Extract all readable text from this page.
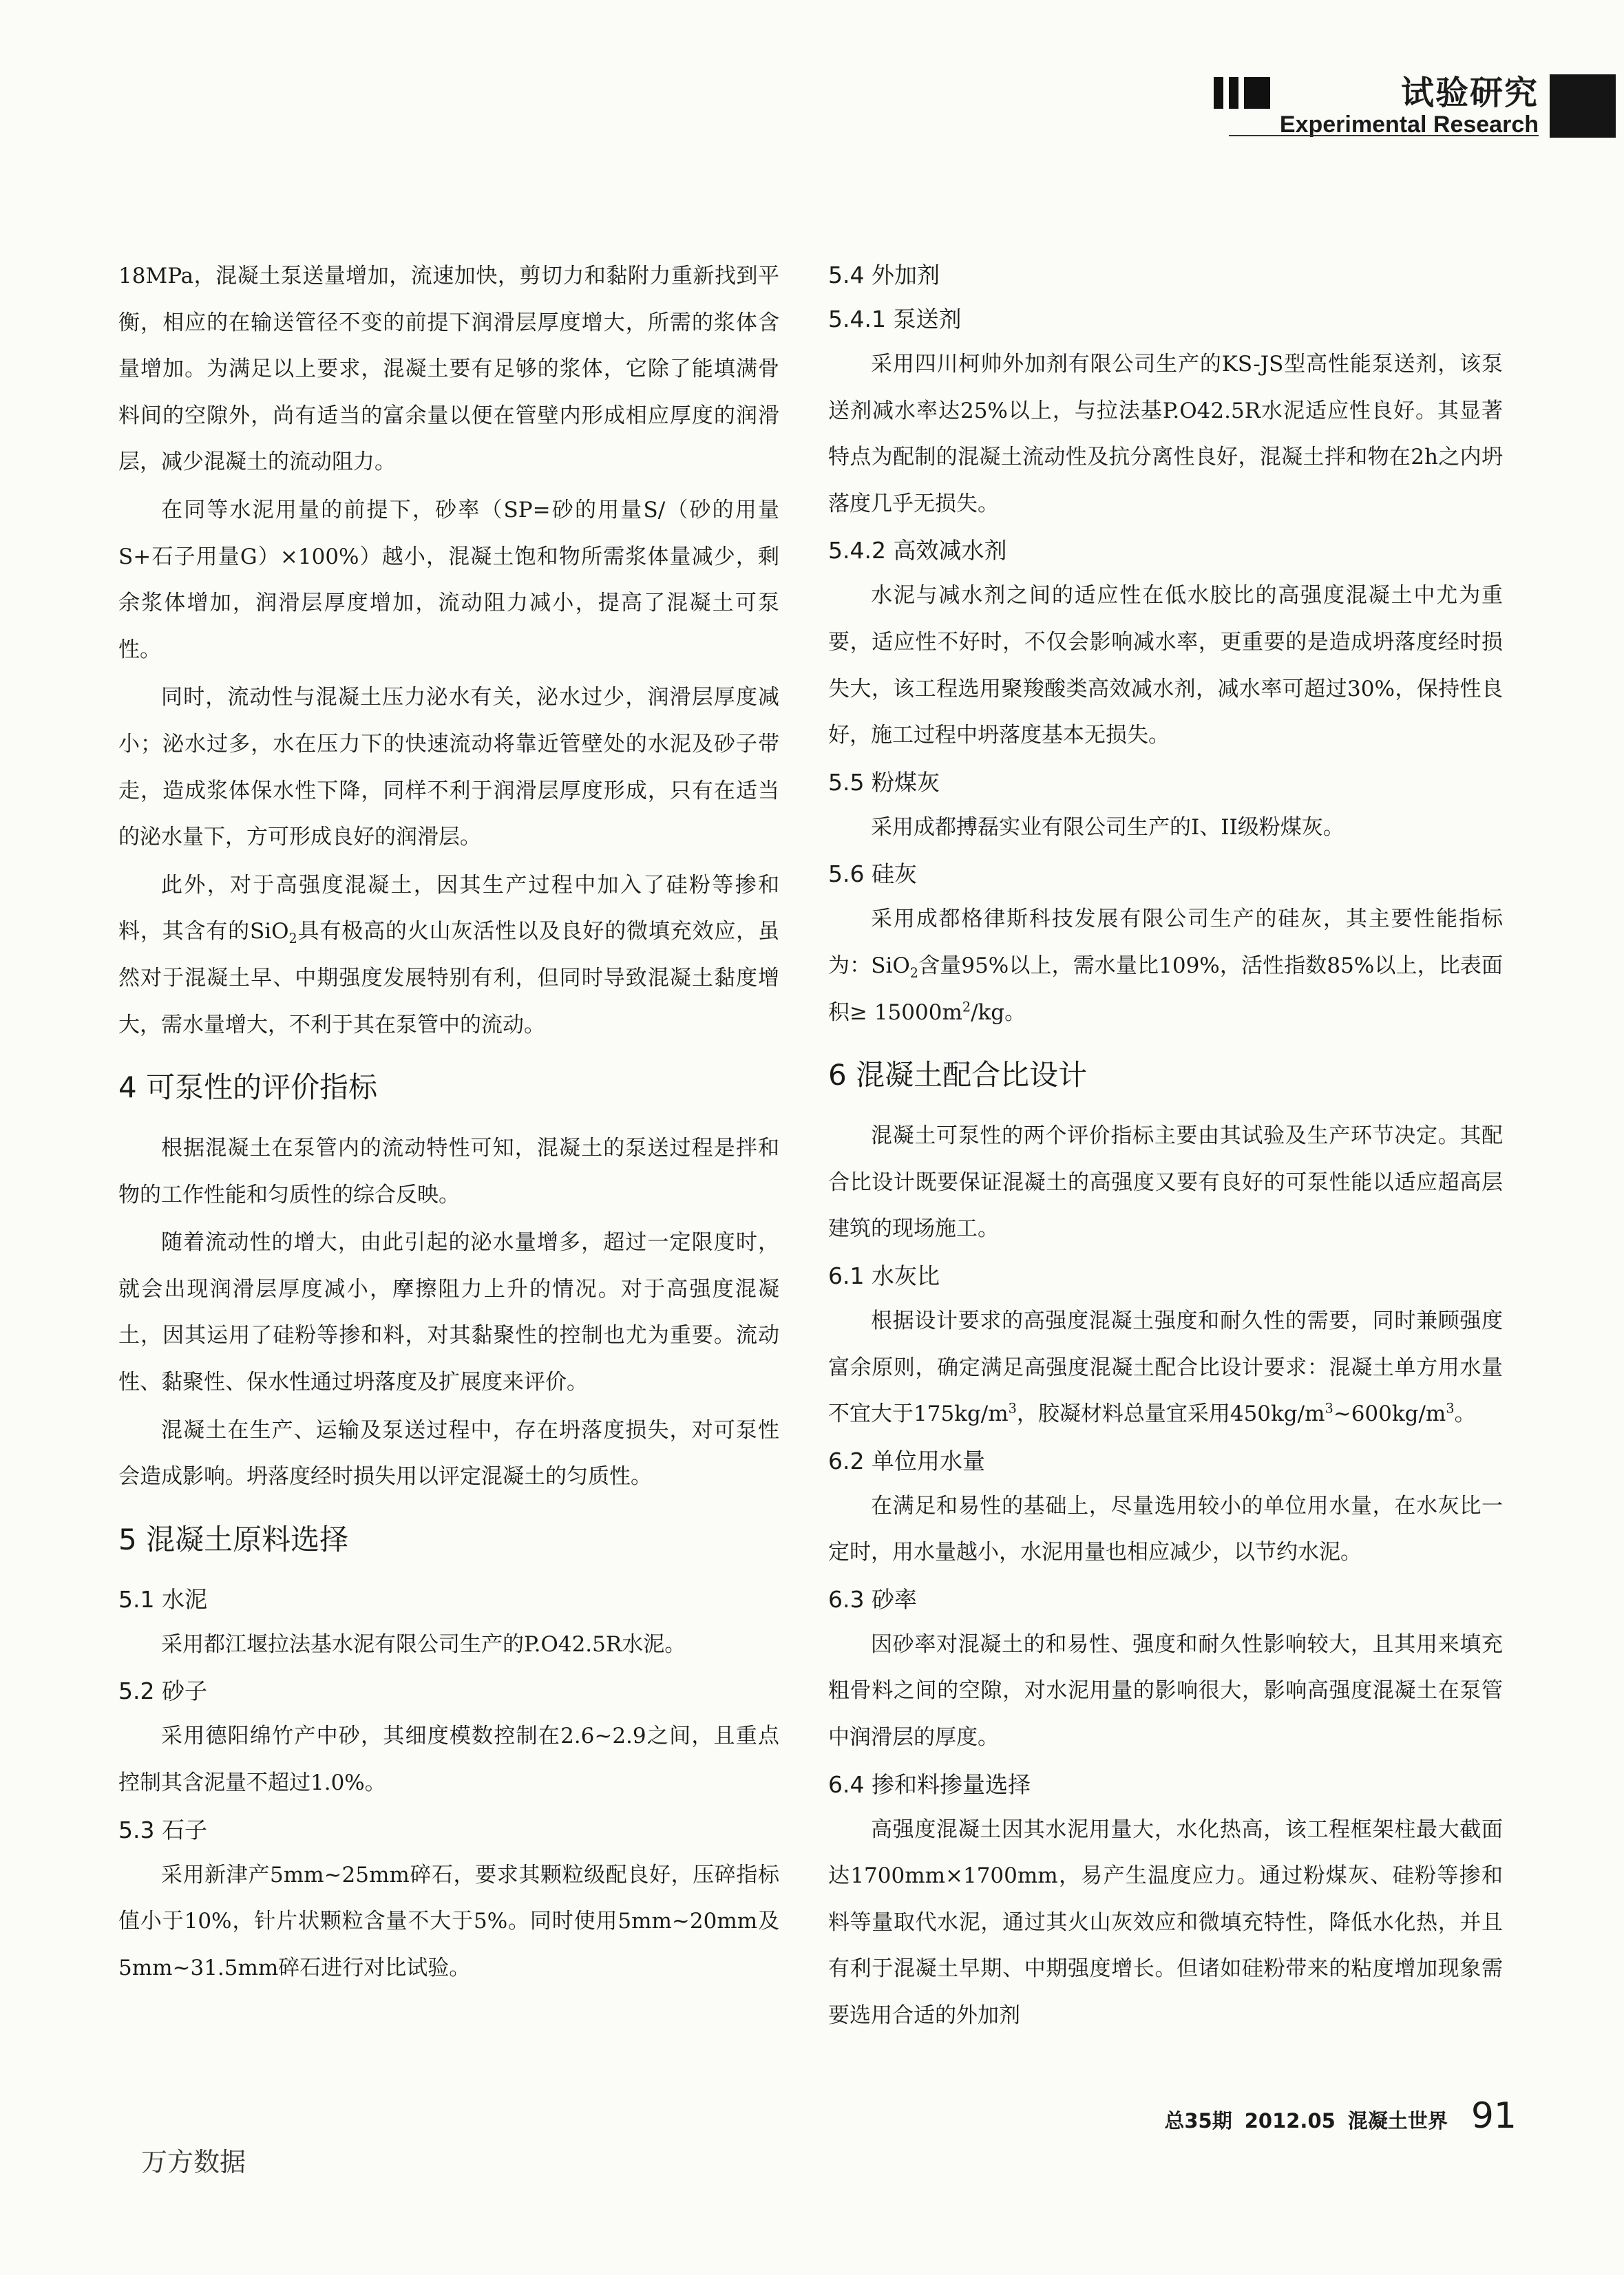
试验研究
Experimental Research

18MPa，混凝土泵送量增加，流速加快，剪切力和黏附力重新找到平衡，相应的在输送管径不变的前提下润滑层厚度增大，所需的浆体含量增加。为满足以上要求，混凝土要有足够的浆体，它除了能填满骨料间的空隙外，尚有适当的富余量以便在管壁内形成相应厚度的润滑层，减少混凝土的流动阻力。

在同等水泥用量的前提下，砂率（SP=砂的用量S/（砂的用量S+石子用量G）×100%）越小，混凝土饱和物所需浆体量减少，剩余浆体增加，润滑层厚度增加，流动阻力减小，提高了混凝土可泵性。

同时，流动性与混凝土压力泌水有关，泌水过少，润滑层厚度减小；泌水过多，水在压力下的快速流动将靠近管壁处的水泥及砂子带走，造成浆体保水性下降，同样不利于润滑层厚度形成，只有在适当的泌水量下，方可形成良好的润滑层。

此外，对于高强度混凝土，因其生产过程中加入了硅粉等掺和料，其含有的SiO$_2$具有极高的火山灰活性以及良好的微填充效应，虽然对于混凝土早、中期强度发展特别有利，但同时导致混凝土黏度增大，需水量增大，不利于其在泵管中的流动。

4 可泵性的评价指标

根据混凝土在泵管内的流动特性可知，混凝土的泵送过程是拌和物的工作性能和匀质性的综合反映。

随着流动性的增大，由此引起的泌水量增多，超过一定限度时，就会出现润滑层厚度减小，摩擦阻力上升的情况。对于高强度混凝土，因其运用了硅粉等掺和料，对其黏聚性的控制也尤为重要。流动性、黏聚性、保水性通过坍落度及扩展度来评价。

混凝土在生产、运输及泵送过程中，存在坍落度损失，对可泵性会造成影响。坍落度经时损失用以评定混凝土的匀质性。

5 混凝土原料选择
5.1 水泥

采用都江堰拉法基水泥有限公司生产的P.O42.5R水泥。

5.2 砂子

采用德阳绵竹产中砂，其细度模数控制在2.6~2.9之间，且重点控制其含泥量不超过1.0%。

5.3 石子

采用新津产5mm~25mm碎石，要求其颗粒级配良好，压碎指标值小于10%，针片状颗粒含量不大于5%。同时使用5mm~20mm及5mm~31.5mm碎石进行对比试验。

5.4 外加剂
5.4.1 泵送剂

采用四川柯帅外加剂有限公司生产的KS-JS型高性能泵送剂，该泵送剂减水率达25%以上，与拉法基P.O42.5R水泥适应性良好。其显著特点为配制的混凝土流动性及抗分离性良好，混凝土拌和物在2h之内坍落度几乎无损失。

5.4.2 高效减水剂

水泥与减水剂之间的适应性在低水胶比的高强度混凝土中尤为重要，适应性不好时，不仅会影响减水率，更重要的是造成坍落度经时损失大，该工程选用聚羧酸类高效减水剂，减水率可超过30%，保持性良好，施工过程中坍落度基本无损失。

5.5 粉煤灰

采用成都搏磊实业有限公司生产的I、II级粉煤灰。

5.6 硅灰

采用成都格律斯科技发展有限公司生产的硅灰，其主要性能指标为：SiO$_2$含量95%以上，需水量比109%，活性指数85%以上，比表面积≥ $15000m^2/kg$。

6 混凝土配合比设计

混凝土可泵性的两个评价指标主要由其试验及生产环节决定。其配合比设计既要保证混凝土的高强度又要有良好的可泵性能以适应超高层建筑的现场施工。

6.1 水灰比

根据设计要求的高强度混凝土强度和耐久性的需要，同时兼顾强度富余原则，确定满足高强度混凝土配合比设计要求：混凝土单方用水量不宜大于$175kg/m^3$，胶凝材料总量宜采用$450kg/m^3\sim 600kg/m^3$。

6.2 单位用水量

在满足和易性的基础上，尽量选用较小的单位用水量，在水灰比一定时，用水量越小，水泥用量也相应减少，以节约水泥。

6.3 砂率

因砂率对混凝土的和易性、强度和耐久性影响较大，且其用来填充粗骨料之间的空隙，对水泥用量的影响很大，影响高强度混凝土在泵管中润滑层的厚度。

6.4 掺和料掺量选择

高强度混凝土因其水泥用量大，水化热高，该工程框架柱最大截面达1700mm×1700mm，易产生温度应力。通过粉煤灰、硅粉等掺和料等量取代水泥，通过其火山灰效应和微填充特性，降低水化热，并且有利于混凝土早期、中期强度增长。但诸如硅粉带来的粘度增加现象需要选用合适的外加剂

总35期 2012.05 混凝土世界 91
万方数据
